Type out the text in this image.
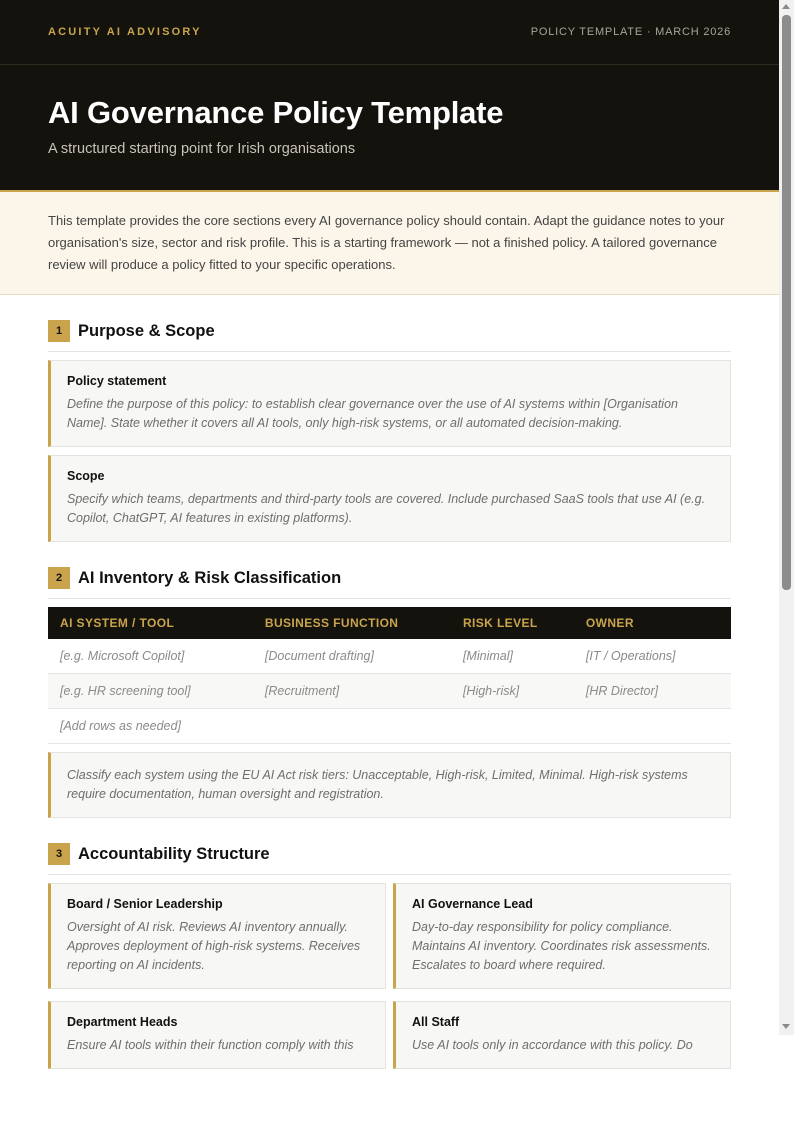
ACUITY AI ADVISORY	POLICY TEMPLATE · MARCH 2026
AI Governance Policy Template
A structured starting point for Irish organisations
This template provides the core sections every AI governance policy should contain. Adapt the guidance notes to your organisation's size, sector and risk profile. This is a starting framework — not a finished policy. A tailored governance review will produce a policy fitted to your specific operations.
1 Purpose & Scope
Policy statement
Define the purpose of this policy: to establish clear governance over the use of AI systems within [Organisation Name]. State whether it covers all AI tools, only high-risk systems, or all automated decision-making.
Scope
Specify which teams, departments and third-party tools are covered. Include purchased SaaS tools that use AI (e.g. Copilot, ChatGPT, AI features in existing platforms).
2 AI Inventory & Risk Classification
AI SYSTEM / TOOL	BUSINESS FUNCTION	RISK LEVEL	OWNER
[e.g. Microsoft Copilot]	[Document drafting]	[Minimal]	[IT / Operations]
[e.g. HR screening tool]	[Recruitment]	[High-risk]	[HR Director]
[Add rows as needed]			
Classify each system using the EU AI Act risk tiers: Unacceptable, High-risk, Limited, Minimal. High-risk systems require documentation, human oversight and registration.
3 Accountability Structure
Board / Senior Leadership
Oversight of AI risk. Reviews AI inventory annually. Approves deployment of high-risk systems. Receives reporting on AI incidents.
AI Governance Lead
Day-to-day responsibility for policy compliance. Maintains AI inventory. Coordinates risk assessments. Escalates to board where required.
Department Heads
Ensure AI tools within their function comply with this
All Staff
Use AI tools only in accordance with this policy. Do
